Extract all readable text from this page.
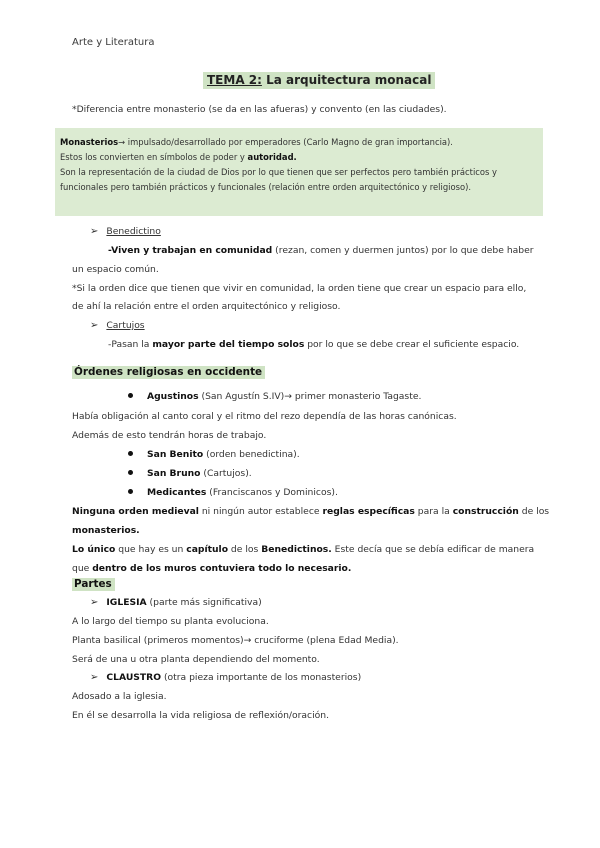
Arte y Literatura
TEMA 2: La arquitectura monacal
*Diferencia entre monasterio (se da en las afueras) y convento (en las ciudades).
Monasterios→ impulsado/desarrollado por emperadores (Carlo Magno de gran importancia).
Estos los convierten en símbolos de poder y autoridad.
Son la representación de la ciudad de Dios por lo que tienen que ser perfectos pero también prácticos y
funcionales pero también prácticos y funcionales (relación entre orden arquitectónico y religioso).
➢ Benedictino
-Viven y trabajan en comunidad (rezan, comen y duermen juntos) por lo que debe haber
un espacio común.
*Si la orden dice que tienen que vivir en comunidad, la orden tiene que crear un espacio para ello,
de ahí la relación entre el orden arquitectónico y religioso.
➢ Cartujos
-Pasan la mayor parte del tiempo solos por lo que se debe crear el suficiente espacio.
Órdenes religiosas en occidente
Agustinos (San Agustín S.IV)→ primer monasterio Tagaste.
Había obligación al canto coral y el ritmo del rezo dependía de las horas canónicas.
Además de esto tendrán horas de trabajo.
San Benito (orden benedictina).
San Bruno (Cartujos).
Medicantes (Franciscanos y Dominicos).
Ninguna orden medieval ni ningún autor establece reglas específicas para la construcción de los
monasterios.
Lo único que hay es un capítulo de los Benedictinos. Este decía que se debía edificar de manera
que dentro de los muros contuviera todo lo necesario.
Partes
➢ IGLESIA (parte más significativa)
A lo largo del tiempo su planta evoluciona.
Planta basilical (primeros momentos)→ cruciforme (plena Edad Media).
Será de una u otra planta dependiendo del momento.
➢ CLAUSTRO (otra pieza importante de los monasterios)
Adosado a la iglesia.
En él se desarrolla la vida religiosa de reflexión/oración.
